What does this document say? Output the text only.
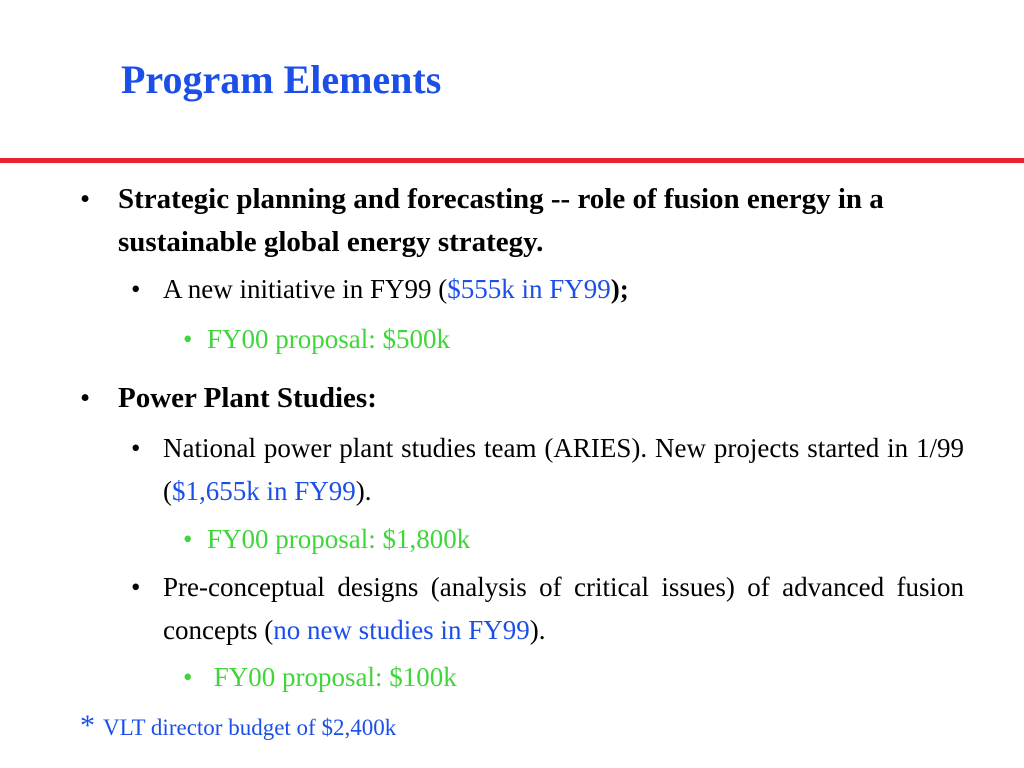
Program Elements
• Strategic planning and forecasting -- role of fusion energy in a sustainable global energy strategy.
• A new initiative in FY99 ($555k in FY99);
• FY00 proposal: $500k
• Power Plant Studies:
• National power plant studies team (ARIES). New projects started in 1/99 ($1,655k in FY99).
• FY00 proposal: $1,800k
• Pre-conceptual designs (analysis of critical issues) of advanced fusion concepts (no new studies in FY99).
• FY00 proposal: $100k
* VLT director budget of $2,400k
